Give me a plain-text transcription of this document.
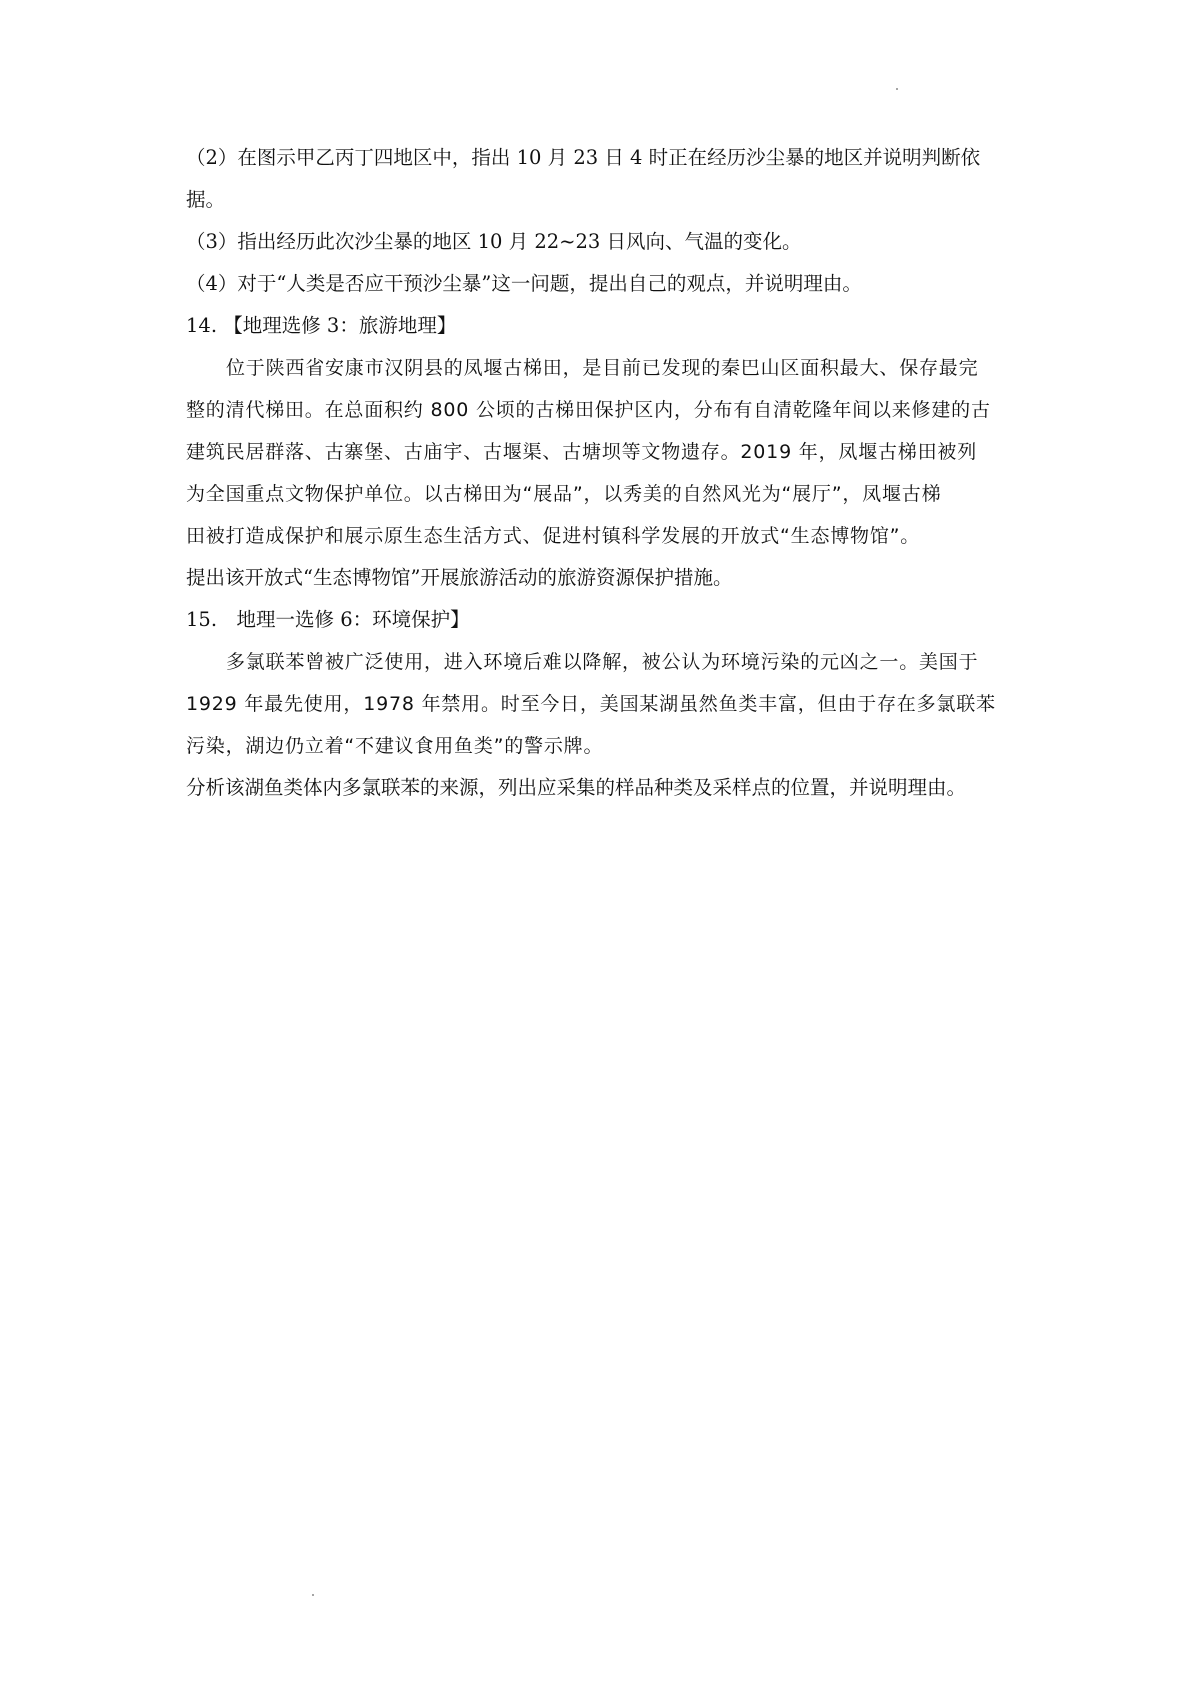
（2）在图示甲乙丙丁四地区中，指出 10 月 23 日 4 时正在经历沙尘暴的地区并说明判断依
据。
（3）指出经历此次沙尘暴的地区 10 月 22~23 日风向、气温的变化。
（4）对于“人类是否应干预沙尘暴”这一问题，提出自己的观点，并说明理由。
14. 【地理选修 3：旅游地理】
位于陕西省安康市汉阴县的凤堰古梯田，是目前已发现的秦巴山区面积最大、保存最完
整的清代梯田。在总面积约 800 公顷的古梯田保护区内，分布有自清乾隆年间以来修建的古
建筑民居群落、古寨堡、古庙宇、古堰渠、古塘坝等文物遗存。2019 年，凤堰古梯田被列
为全国重点文物保护单位。以古梯田为“展品”，以秀美的自然风光为“展厅”，凤堰古梯
田被打造成保护和展示原生态生活方式、促进村镇科学发展的开放式“生态博物馆”。
提出该开放式“生态博物馆”开展旅游活动的旅游资源保护措施。
15.　地理一选修 6：环境保护】
多氯联苯曾被广泛使用，进入环境后难以降解，被公认为环境污染的元凶之一。美国于
1929 年最先使用，1978 年禁用。时至今日，美国某湖虽然鱼类丰富，但由于存在多氯联苯
污染，湖边仍立着“不建议食用鱼类”的警示牌。
分析该湖鱼类体内多氯联苯的来源，列出应采集的样品种类及采样点的位置，并说明理由。
